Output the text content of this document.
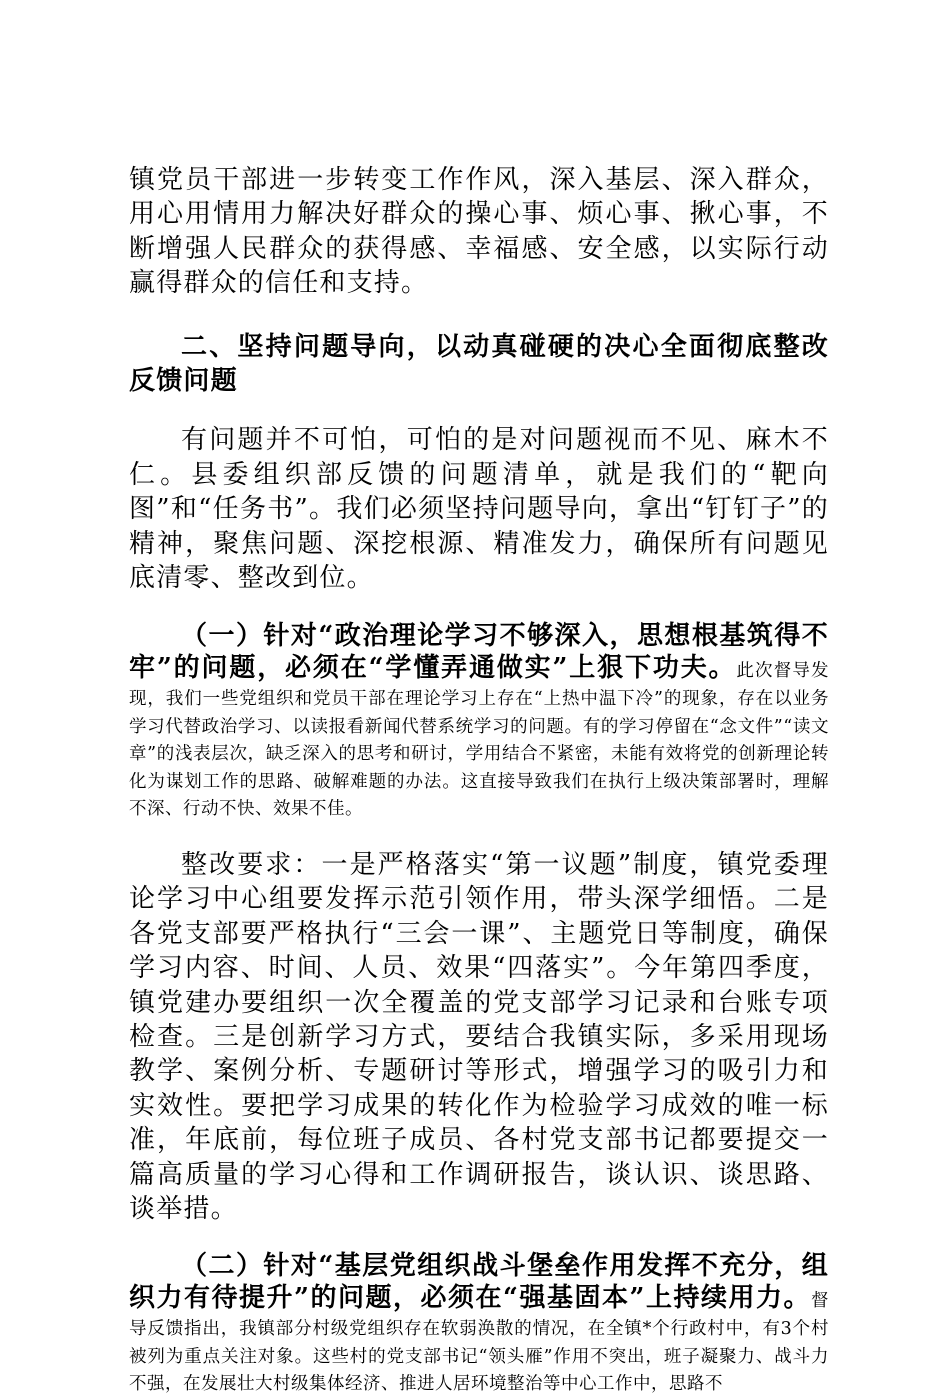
镇党员干部进一步转变工作作风，深入基层、深入群众，用心用情用力解决好群众的操心事、烦心事、揪心事，不断增强人民群众的获得感、幸福感、安全感，以实际行动赢得群众的信任和支持。

二、坚持问题导向，以动真碰硬的决心全面彻底整改反馈问题

有问题并不可怕，可怕的是对问题视而不见、麻木不仁。县委组织部反馈的问题清单，就是我们的“靶向图”和“任务书”。我们必须坚持问题导向，拿出“钉钉子”的精神，聚焦问题、深挖根源、精准发力，确保所有问题见底清零、整改到位。

（一）针对“政治理论学习不够深入，思想根基筑得不牢”的问题，必须在“学懂弄通做实”上狠下功夫。此次督导发现，我们一些党组织和党员干部在理论学习上存在“上热中温下冷”的现象，存在以业务学习代替政治学习、以读报看新闻代替系统学习的问题。有的学习停留在“念文件”“读文章”的浅表层次，缺乏深入的思考和研讨，学用结合不紧密，未能有效将党的创新理论转化为谋划工作的思路、破解难题的办法。这直接导致我们在执行上级决策部署时，理解不深、行动不快、效果不佳。

整改要求：一是严格落实“第一议题”制度，镇党委理论学习中心组要发挥示范引领作用，带头深学细悟。二是各党支部要严格执行“三会一课”、主题党日等制度，确保学习内容、时间、人员、效果“四落实”。今年第四季度，镇党建办要组织一次全覆盖的党支部学习记录和台账专项检查。三是创新学习方式，要结合我镇实际，多采用现场教学、案例分析、专题研讨等形式，增强学习的吸引力和实效性。要把学习成果的转化作为检验学习成效的唯一标准，年底前，每位班子成员、各村党支部书记都要提交一篇高质量的学习心得和工作调研报告，谈认识、谈思路、谈举措。

（二）针对“基层党组织战斗堡垒作用发挥不充分，组织力有待提升”的问题，必须在“强基固本”上持续用力。督导反馈指出，我镇部分村级党组织存在软弱涣散的情况，在全镇*个行政村中，有3个村被列为重点关注对象。这些村的党支部书记“领头雁”作用不突出，班子凝聚力、战斗力不强，在发展壮大村级集体经济、推进人居环境整治等中心工作中，思路不
